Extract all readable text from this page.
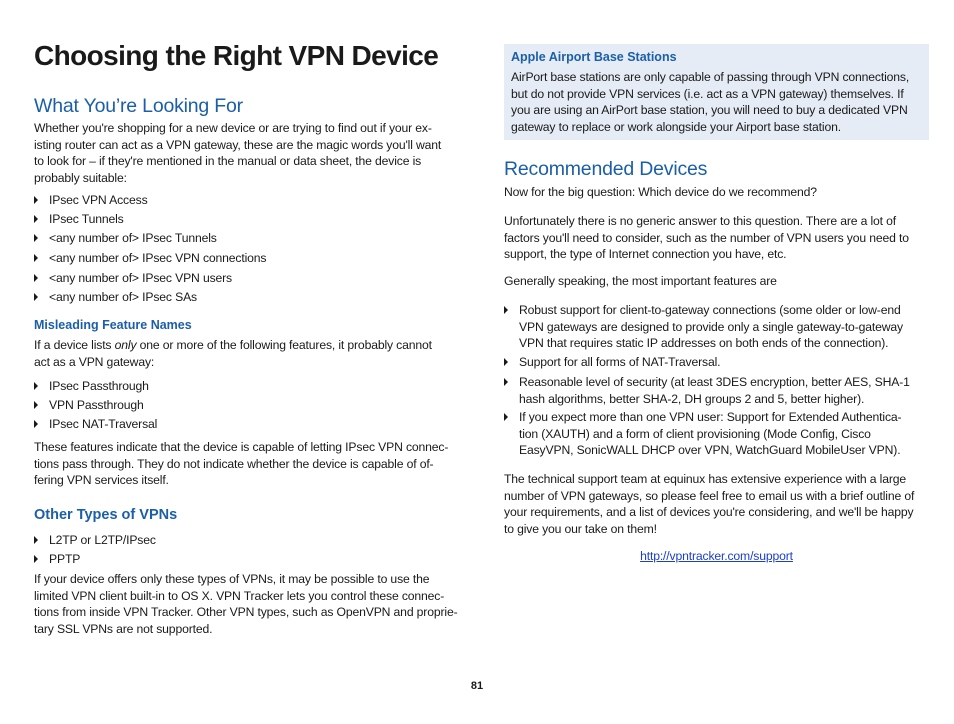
Choosing the Right VPN Device
What You’re Looking For

Whether you're shopping for a new device or are trying to find out if your ex-
isting router can act as a VPN gateway, these are the magic words you'll want
to look for – if they're mentioned in the manual or data sheet, the device is
probably suitable:

IPsec VPN Access
IPsec Tunnels
<any number of> IPsec Tunnels
<any number of> IPsec VPN connections
<any number of> IPsec VPN users
<any number of> IPsec SAs
Misleading Feature Names

If a device lists only one or more of the following features, it probably cannot
act as a VPN gateway:

IPsec Passthrough
VPN Passthrough
IPsec NAT-Traversal

These features indicate that the device is capable of letting IPsec VPN connec-
tions pass through. They do not indicate whether the device is capable of of-
fering VPN services itself.

Other Types of VPNs
L2TP or L2TP/IPsec
PPTP

If your device offers only these types of VPNs, it may be possible to use the
limited VPN client built-in to OS X. VPN Tracker lets you control these connec-
tions from inside VPN Tracker. Other VPN types, such as OpenVPN and proprie-
tary SSL VPNs are not supported.

Apple Airport Base Stations

AirPort base stations are only capable of passing through VPN connections,
but do not provide VPN services (i.e. act as a VPN gateway) themselves. If
you are using an AirPort base station, you will need to buy a dedicated VPN
gateway to replace or work alongside your Airport base station.

Recommended Devices

Now for the big question: Which device do we recommend?

Unfortunately there is no generic answer to this question. There are a lot of
factors you'll need to consider, such as the number of VPN users you need to
support, the type of Internet connection you have, etc.

Generally speaking, the most important features are

Robust support for client-to-gateway connections (some older or low-end
VPN gateways are designed to provide only a single gateway-to-gateway
VPN that requires static IP addresses on both ends of the connection).
Support for all forms of NAT-Traversal.
Reasonable level of security (at least 3DES encryption, better AES, SHA-1
hash algorithms, better SHA-2, DH groups 2 and 5, better higher).
If you expect more than one VPN user: Support for Extended Authentica-
tion (XAUTH) and a form of client provisioning (Mode Config, Cisco
EasyVPN, SonicWALL DHCP over VPN, WatchGuard MobileUser VPN).

The technical support team at equinux has extensive experience with a large
number of VPN gateways, so please feel free to email us with a brief outline of
your requirements, and a list of devices you're considering, and we'll be happy
to give you our take on them!

http://vpntracker.com/support

81
